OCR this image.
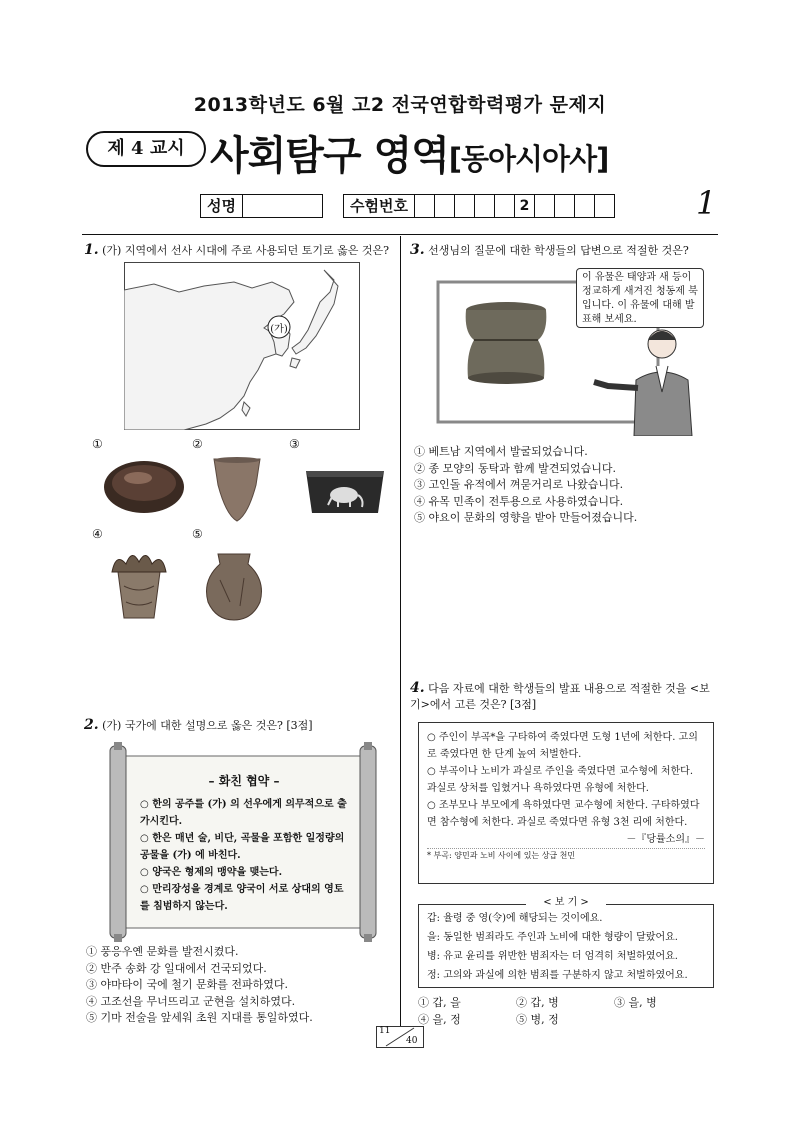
2013학년도 6월 고2 전국연합학력평가 문제지
제 4 교시 사회탐구 영역[동아시아사]
성명	수험번호	2	1
1. (가) 지역에서 선사 시대에 주로 사용되던 토기로 옳은 것은?
(가)
①	②	③
④	⑤
2. (가) 국가에 대한 설명으로 옳은 것은? [3점]
– 화친 협약 –
○ 한의 공주를 (가) 의 선우에게 의무적으로 출가시킨다.
○ 한은 매년 술, 비단, 곡물을 포함한 일정량의 공물을 (가) 에 바친다.
○ 양국은 형제의 맹약을 맺는다.
○ 만리장성을 경계로 양국이 서로 상대의 영토를 침범하지 않는다.
① 풍응우옌 문화를 발전시켰다.
② 반주 송화 강 일대에서 건국되었다.
③ 야마타이 국에 철기 문화를 전파하였다.
④ 고조선을 무너뜨리고 군현을 설치하였다.
⑤ 기마 전술을 앞세워 초원 지대를 통일하였다.
3. 선생님의 질문에 대한 학생들의 답변으로 적절한 것은?
이 유물은 태양과 새 등이 정교하게 새겨진 청동제 북입니다. 이 유물에 대해 발표해 보세요.
① 베트남 지역에서 발굴되었습니다.
② 종 모양의 동탁과 함께 발견되었습니다.
③ 고인돌 유적에서 껴묻거리로 나왔습니다.
④ 유목 민족이 전투용으로 사용하였습니다.
⑤ 야요이 문화의 영향을 받아 만들어졌습니다.
4. 다음 자료에 대한 학생들의 발표 내용으로 적절한 것을 <보기>에서 고른 것은? [3점]
○ 주인이 부곡*을 구타하여 죽였다면 도형 1년에 처한다. 고의로 죽였다면 한 단계 높여 처벌한다.
○ 부곡이나 노비가 과실로 주인을 죽였다면 교수형에 처한다. 과실로 상처를 입혔거나 욕하였다면 유형에 처한다.
○ 조부모나 부모에게 욕하였다면 교수형에 처한다. 구타하였다면 참수형에 처한다. 과실로 죽였다면 유형 3천 리에 처한다.
－『당률소의』－
* 부곡: 양민과 노비 사이에 있는 상급 천민
갑: 율령 중 영(令)에 해당되는 것이에요.
을: 동일한 범죄라도 주인과 노비에 대한 형량이 달랐어요.
병: 유교 윤리를 위반한 범죄자는 더 엄격히 처벌하였어요.
정: 고의와 과실에 의한 범죄를 구분하지 않고 처벌하였어요.
< 보 기 >
① 갑, 을	② 갑, 병	③ 을, 병
④ 을, 정	⑤ 병, 정
11
40
